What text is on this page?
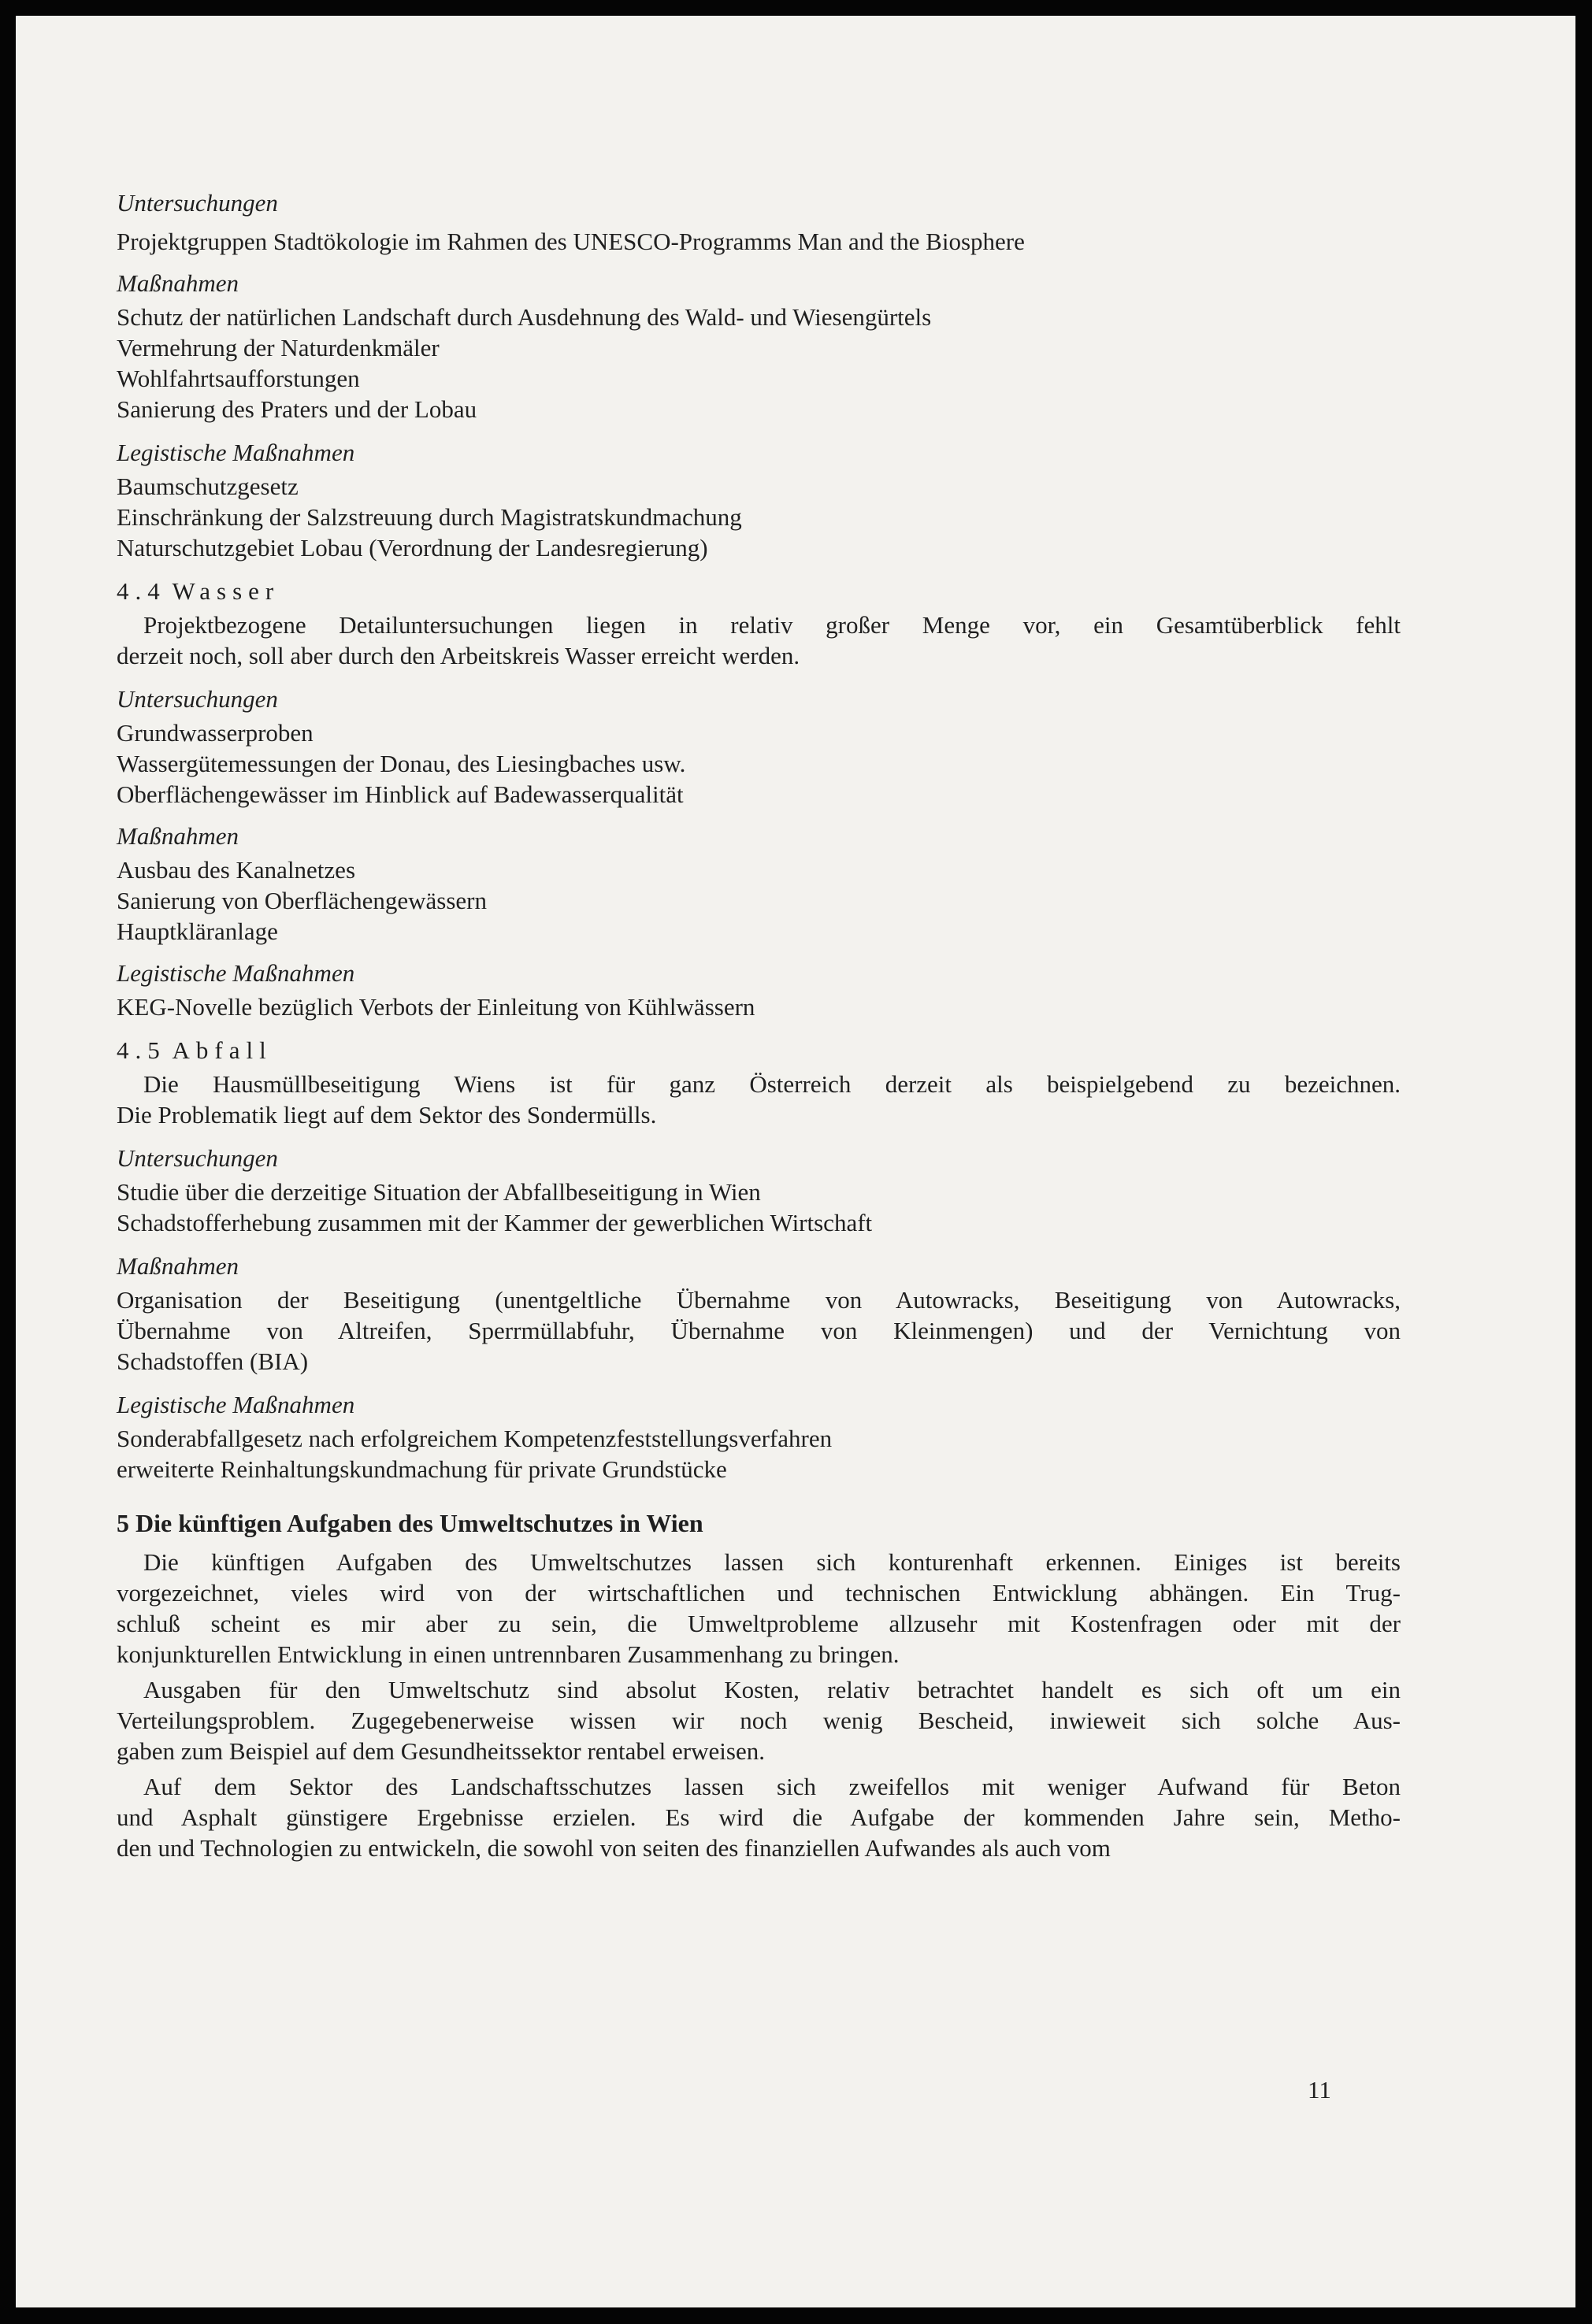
Untersuchungen
Projektgruppen Stadtökologie im Rahmen des UNESCO-Programms Man and the Biosphere
Maßnahmen
Schutz der natürlichen Landschaft durch Ausdehnung des Wald- und Wiesengürtels
Vermehrung der Naturdenkmäler
Wohlfahrtsaufforstungen
Sanierung des Praters und der Lobau
Legistische Maßnahmen
Baumschutzgesetz
Einschränkung der Salzstreuung durch Magistratskundmachung
Naturschutzgebiet Lobau (Verordnung der Landesregierung)
4.4 Wasser
Projektbezogene Detailuntersuchungen liegen in relativ großer Menge vor, ein Gesamtüberblick fehlt
derzeit noch, soll aber durch den Arbeitskreis Wasser erreicht werden.
Untersuchungen
Grundwasserproben
Wassergütemessungen der Donau, des Liesingbaches usw.
Oberflächengewässer im Hinblick auf Badewasserqualität
Maßnahmen
Ausbau des Kanalnetzes
Sanierung von Oberflächengewässern
Hauptkläranlage
Legistische Maßnahmen
KEG-Novelle bezüglich Verbots der Einleitung von Kühlwässern
4.5 Abfall
Die Hausmüllbeseitigung Wiens ist für ganz Österreich derzeit als beispielgebend zu bezeichnen.
Die Problematik liegt auf dem Sektor des Sondermülls.
Untersuchungen
Studie über die derzeitige Situation der Abfallbeseitigung in Wien
Schadstofferhebung zusammen mit der Kammer der gewerblichen Wirtschaft
Maßnahmen
Organisation der Beseitigung (unentgeltliche Übernahme von Autowracks, Beseitigung von Autowracks,
Übernahme von Altreifen, Sperrmüllabfuhr, Übernahme von Kleinmengen) und der Vernichtung von
Schadstoffen (BIA)
Legistische Maßnahmen
Sonderabfallgesetz nach erfolgreichem Kompetenzfeststellungsverfahren
erweiterte Reinhaltungskundmachung für private Grundstücke
5 Die künftigen Aufgaben des Umweltschutzes in Wien
Die künftigen Aufgaben des Umweltschutzes lassen sich konturenhaft erkennen. Einiges ist bereits
vorgezeichnet, vieles wird von der wirtschaftlichen und technischen Entwicklung abhängen. Ein Trug-
schluß scheint es mir aber zu sein, die Umweltprobleme allzusehr mit Kostenfragen oder mit der
konjunkturellen Entwicklung in einen untrennbaren Zusammenhang zu bringen.
Ausgaben für den Umweltschutz sind absolut Kosten, relativ betrachtet handelt es sich oft um ein
Verteilungsproblem. Zugegebenerweise wissen wir noch wenig Bescheid, inwieweit sich solche Aus-
gaben zum Beispiel auf dem Gesundheitssektor rentabel erweisen.
Auf dem Sektor des Landschaftsschutzes lassen sich zweifellos mit weniger Aufwand für Beton
und Asphalt günstigere Ergebnisse erzielen. Es wird die Aufgabe der kommenden Jahre sein, Metho-
den und Technologien zu entwickeln, die sowohl von seiten des finanziellen Aufwandes als auch vom
11
